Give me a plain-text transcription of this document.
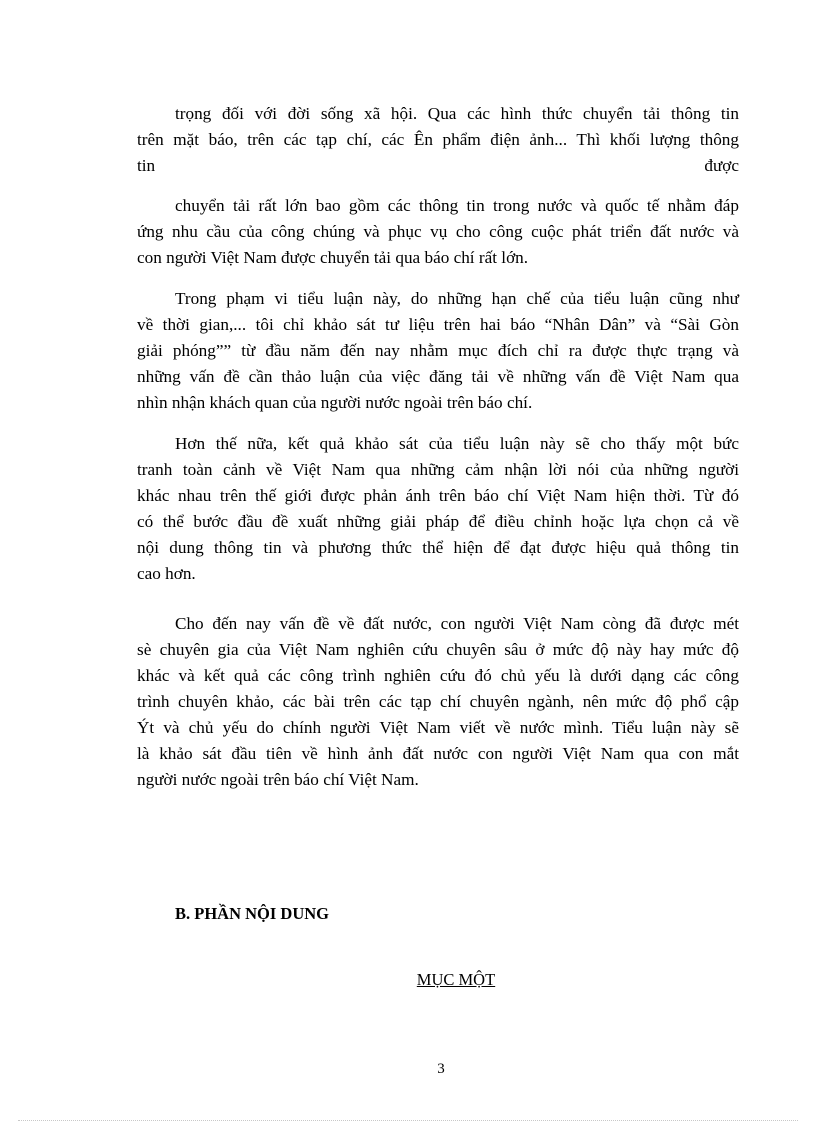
trọng đối với đời sống xã hội. Qua các hình thức chuyển tải thông tin
trên mặt báo, trên các tạp chí, các Ên phẩm điện ảnh... Thì khối lượng thông
tin	được
chuyển tải rất lớn bao gồm các thông tin trong nước và quốc tế nhằm đáp
ứng nhu cầu của công chúng và phục vụ cho công cuộc phát triển đất nước và
con người Việt Nam được chuyển tải qua báo chí rất lớn.
Trong phạm vi tiểu luận này, do những hạn chế của tiểu luận cũng như
về thời gian,... tôi chỉ khảo sát tư liệu trên hai báo “Nhân Dân” và “Sài Gòn
giải phóng”” từ đầu năm đến nay nhằm mục đích chỉ ra được thực trạng và
những vấn đề cần thảo luận của việc đăng tải về những vấn đề Việt Nam qua
nhìn nhận khách quan của người nước ngoài trên báo chí.
Hơn thế nữa, kết quả khảo sát của tiểu luận này sẽ cho thấy một bức
tranh toàn cảnh về Việt Nam qua những cảm nhận lời nói của những người
khác nhau trên thế giới được phản ánh trên báo chí Việt Nam hiện thời. Từ đó
có thể bước đầu đề xuất những giải pháp để điều chỉnh hoặc lựa chọn cả về
nội dung thông tin và phương thức thể hiện để đạt được hiệu quả thông tin
cao hơn.
Cho đến nay vấn đề về đất nước, con người Việt Nam còng đã được mét
sè chuyên gia của Việt Nam nghiên cứu chuyên sâu ở mức độ này hay mức độ
khác và kết quả các công trình nghiên cứu đó chủ yếu là dưới dạng các công
trình chuyên khảo, các bài trên các tạp chí chuyên ngành, nên mức độ phổ cập
Ýt và chủ yếu do chính người Việt Nam viết về nước mình. Tiểu luận này sẽ
là khảo sát đầu tiên về hình ảnh đất nước con người Việt Nam qua con mắt
người nước ngoài trên báo chí Việt Nam.
B. PHẦN NỘI DUNG
MỤC MỘT
3
